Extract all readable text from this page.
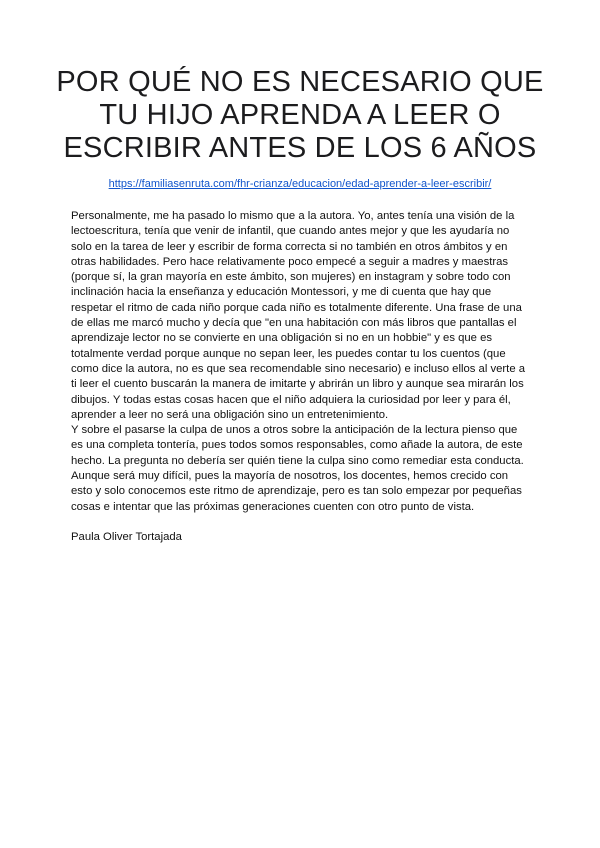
POR QUÉ NO ES NECESARIO QUE
TU HIJO APRENDA A LEER O
ESCRIBIR ANTES DE LOS 6 AÑOS
https://familiasenruta.com/fhr-crianza/educacion/edad-aprender-a-leer-escribir/

Personalmente, me ha pasado lo mismo que a la autora. Yo, antes tenía una visión de la lectoescritura, tenía que venir de infantil, que cuando antes mejor y que les ayudaría no solo en la tarea de leer y escribir de forma correcta si no también en otros ámbitos y en otras habilidades. Pero hace relativamente poco empecé a seguir a madres y maestras (porque sí, la gran mayoría en este ámbito, son mujeres) en instagram y sobre todo con inclinación hacia la enseñanza y educación Montessori, y me di cuenta que hay que respetar el ritmo de cada niño porque cada niño es totalmente diferente. Una frase de una de ellas me marcó mucho y decía que "en una habitación con más libros que pantallas el aprendizaje lector no se convierte en una obligación si no en un hobbie" y es que es totalmente verdad porque aunque no sepan leer, les puedes contar tu los cuentos (que como dice la autora, no es que sea recomendable sino necesario) e incluso ellos al verte a ti leer el cuento buscarán la manera de imitarte y abrirán un libro y aunque sea mirarán los dibujos. Y todas estas cosas hacen que el niño adquiera la curiosidad por leer y para él, aprender a leer no será una obligación sino un entretenimiento.

Y sobre el pasarse la culpa de unos a otros sobre la anticipación de la lectura pienso que es una completa tontería, pues todos somos responsables, como añade la autora, de este hecho. La pregunta no debería ser quién tiene la culpa sino como remediar esta conducta. Aunque será muy difícil, pues la mayoría de nosotros, los docentes, hemos crecido con esto y solo conocemos este ritmo de aprendizaje, pero es tan solo empezar por pequeñas cosas e intentar que las próximas generaciones cuenten con otro punto de vista.

Paula Oliver Tortajada
